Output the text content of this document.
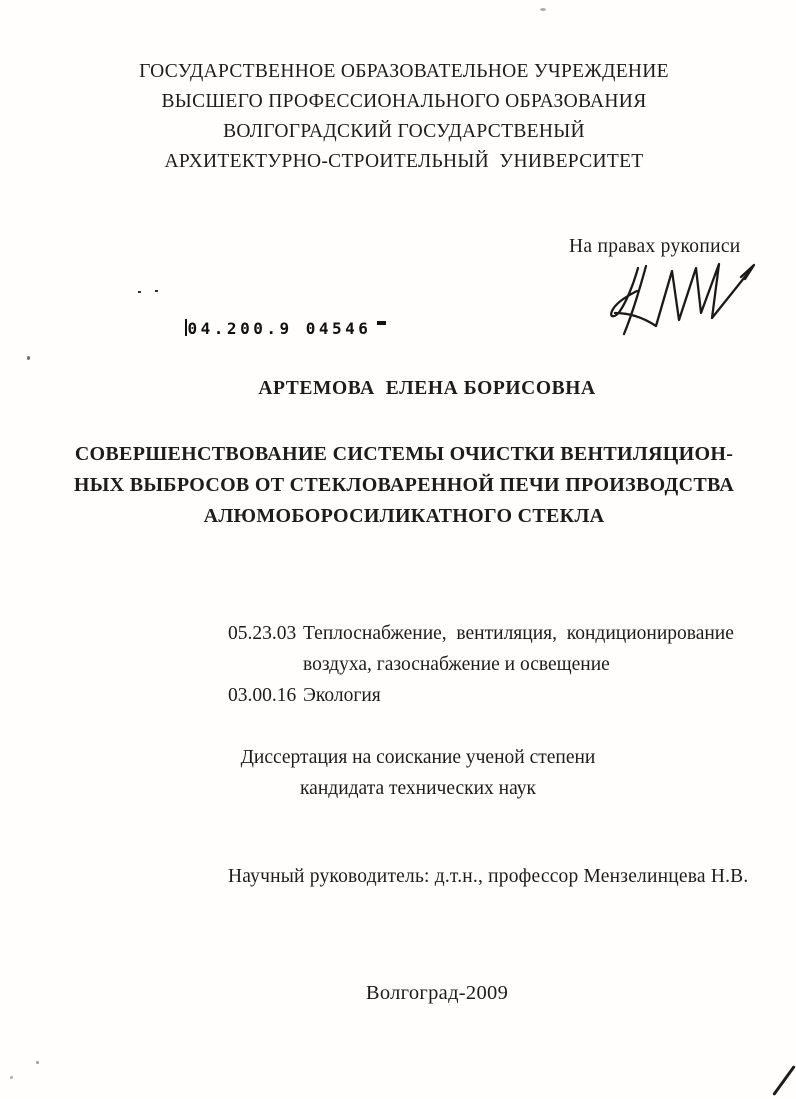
ГОСУДАРСТВЕННОЕ ОБРАЗОВАТЕЛЬНОЕ УЧРЕЖДЕНИЕ
ВЫСШЕГО ПРОФЕССИОНАЛЬНОГО ОБРАЗОВАНИЯ
ВОЛГОГРАДСКИЙ ГОСУДАРСТВЕНЫЙ
АРХИТЕКТУРНО-СТРОИТЕЛЬНЫЙ  УНИВЕРСИТЕТ
На правах рукописи

04.200.9 04546

АРТЕМОВА  ЕЛЕНА БОРИСОВНА
СОВЕРШЕНСТВОВАНИЕ СИСТЕМЫ ОЧИСТКИ ВЕНТИЛЯЦИОН-
НЫХ ВЫБРОСОВ ОТ СТЕКЛОВАРЕННОЙ ПЕЧИ ПРОИЗВОДСТВА
АЛЮМОБОРОСИЛИКАТНОГО СТЕКЛА
05.23.03 Теплоснабжение,  вентиляция,  кондиционирование
воздуха, газоснабжение и освещение
03.00.16 Экология
Диссертация на соискание ученой степени
кандидата технических наук
Научный руководитель: д.т.н., профессор Мензелинцева Н.В.
Волгоград-2009
